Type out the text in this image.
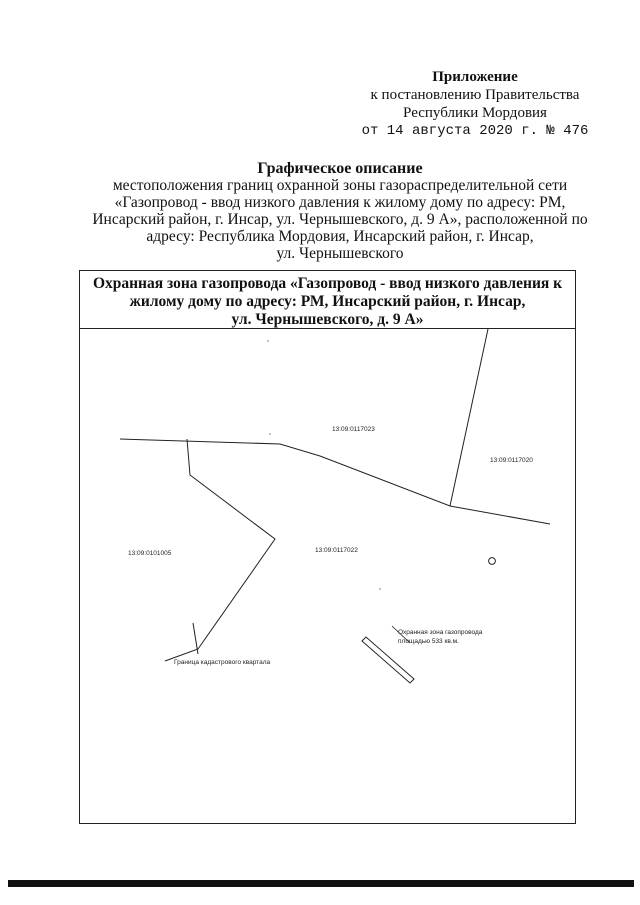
Приложение
к постановлению Правительства
Республики Мордовия
от 14 августа 2020 г. № 476
Графическое описание
местоположения границ охранной зоны газораспределительной сети
«Газопровод - ввод низкого давления к жилому дому по адресу: РМ,
Инсарский район, г. Инсар, ул. Чернышевского, д. 9 А», расположенной по
адресу: Республика Мордовия, Инсарский район, г. Инсар,
ул. Чернышевского
Охранная зона газопровода «Газопровод - ввод низкого давления к
жилому дому по адресу: РМ, Инсарский район, г. Инсар,
ул. Чернышевского, д. 9 А»
13:09:0117023
13:09:0117020
13:09:0101005	13:09:0117022
Граница кадастрового квартала
Охранная зона газопровода
площадью 533 кв.м.
